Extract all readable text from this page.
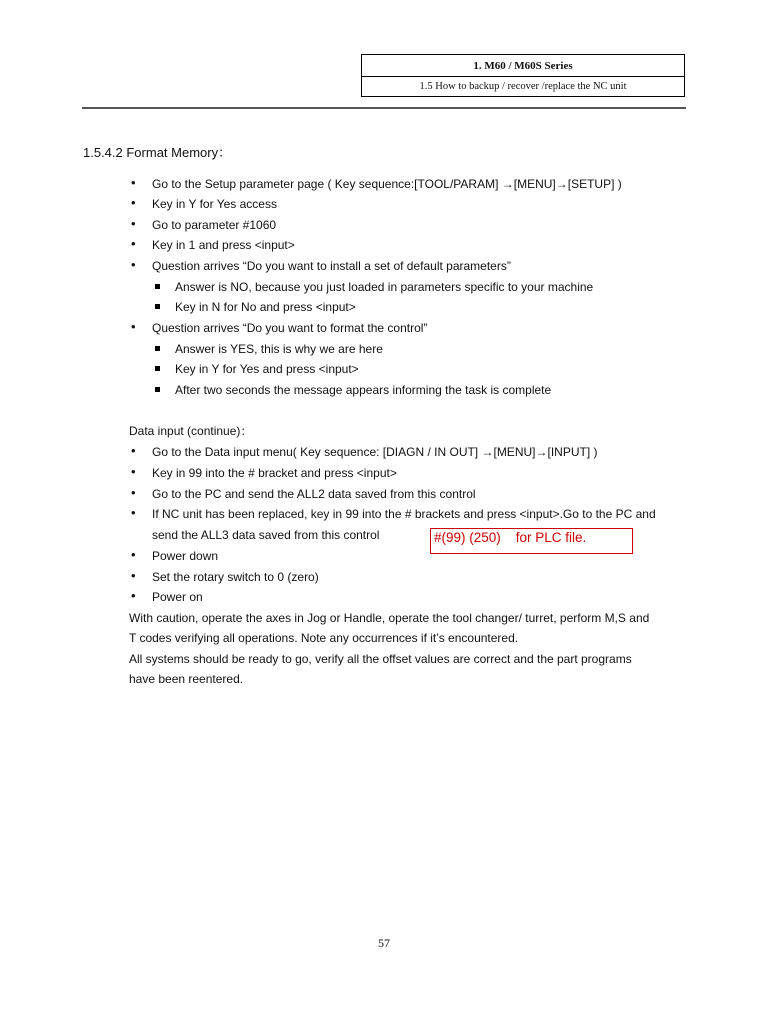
1. M60 / M60S Series
1.5 How to backup / recover /replace the NC unit
1.5.4.2 Format Memory：
• Go to the Setup parameter page ( Key sequence:[TOOL/PARAM] →[MENU]→[SETUP] )
• Key in Y for Yes access
• Go to parameter #1060
• Key in 1 and press <input>
• Question arrives “Do you want to install a set of default parameters”
Answer is NO, because you just loaded in parameters specific to your machine
Key in N for No and press <input>
• Question arrives “Do you want to format the control”
Answer is YES, this is why we are here
Key in Y for Yes and press <input>
After two seconds the message appears informing the task is complete
Data input (continue)：
• Go to the Data input menu( Key sequence: [DIAGN / IN OUT] →[MENU]→[INPUT] )
• Key in 99 into the # bracket and press <input>
• Go to the PC and send the ALL2 data saved from this control
• If NC unit has been replaced, key in 99 into the # brackets and press <input>.Go to the PC and
send the ALL3 data saved from this control	#(99) (250)    for PLC file.
• Power down
• Set the rotary switch to 0 (zero)
• Power on
With caution, operate the axes in Jog or Handle, operate the tool changer/ turret, perform M,S and
T codes verifying all operations. Note any occurrences if it’s encountered.
All systems should be ready to go, verify all the offset values are correct and the part programs
have been reentered.
57
